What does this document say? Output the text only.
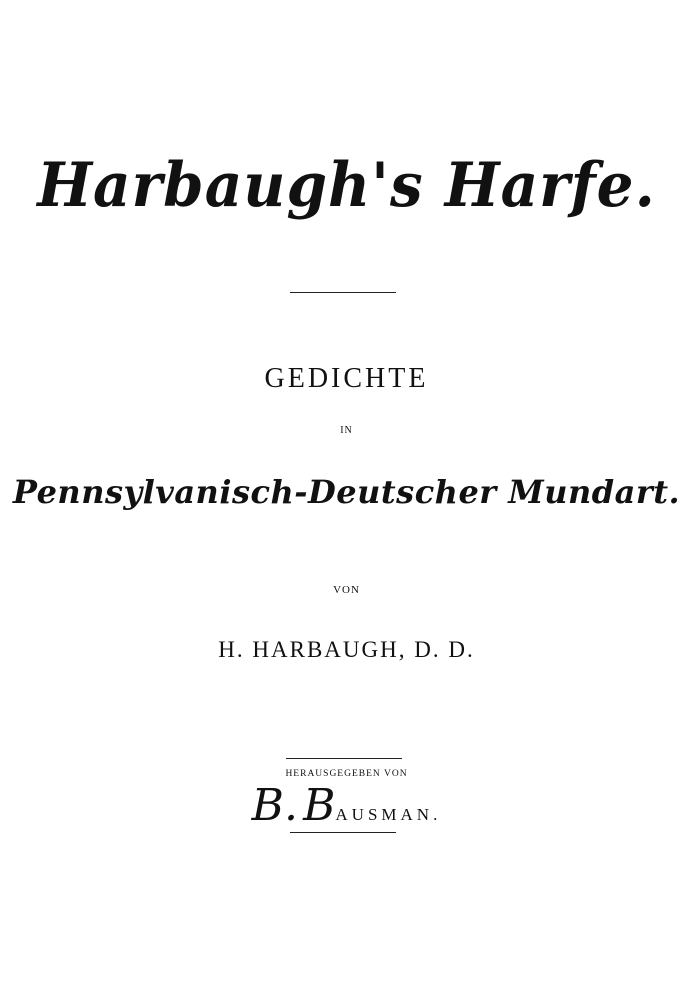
Harbaugh's Harfe.
GEDICHTE
IN
Pennsylvanisch-Deutscher Mundart.
VON
H. HARBAUGH, D. D.
HERAUSGEGEBEN VON
B. BAUSMAN.
